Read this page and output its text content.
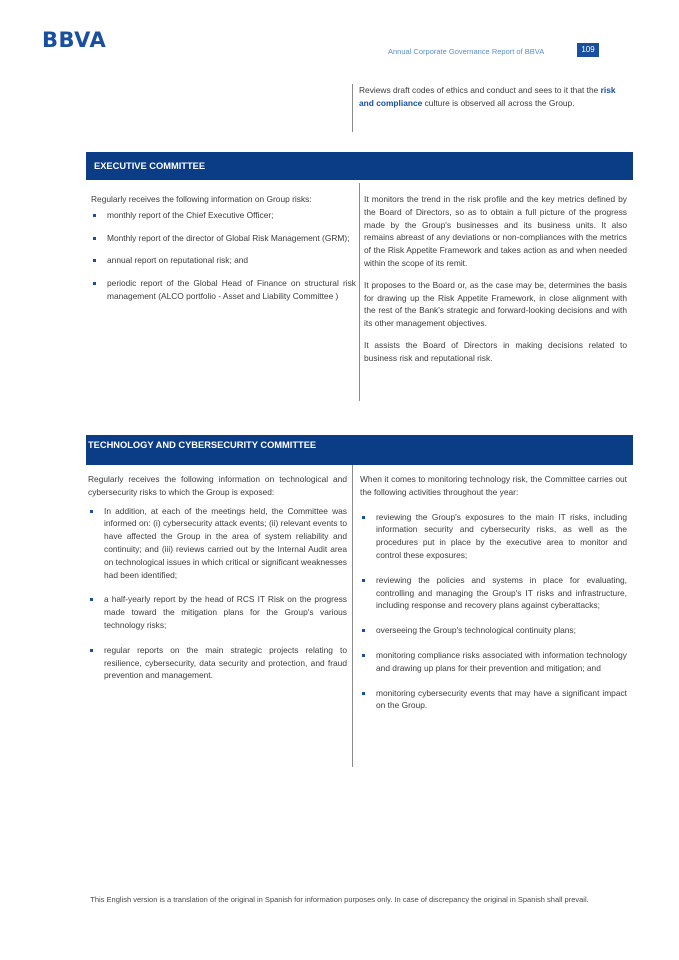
BBVA	Annual Corporate Governance Report of BBVA	109
Reviews draft codes of ethics and conduct and sees to it that the risk and compliance culture is observed all across the Group.
EXECUTIVE COMMITTEE

Regularly receives the following information on Group risks:

monthly report of the Chief Executive Officer;
Monthly report of the director of Global Risk Management (GRM);
annual report on reputational risk; and
periodic report of the Global Head of Finance on structural risk management (ALCO portfolio - Asset and Liability Committee )

It monitors the trend in the risk profile and the key metrics defined by the Board of Directors, so as to obtain a full picture of the progress made by the Group's businesses and its business units. It also remains abreast of any deviations or non-compliances with the metrics of the Risk Appetite Framework and takes action as and when needed within the scope of its remit.

It proposes to the Board or, as the case may be, determines the basis for drawing up the Risk Appetite Framework, in close alignment with the rest of the Bank's strategic and forward-looking decisions and with its other management objectives.

It assists the Board of Directors in making decisions related to business risk and reputational risk.

TECHNOLOGY AND CYBERSECURITY COMMITTEE

Regularly receives the following information on technological and cybersecurity risks to which the Group is exposed:

In addition, at each of the meetings held, the Committee was informed on: (i) cybersecurity attack events; (ii) relevant events to have affected the Group in the area of system reliability and continuity; and (iii) reviews carried out by the Internal Audit area on technological issues in which critical or significant weaknesses had been identified;
a half-yearly report by the head of RCS IT Risk on the progress made toward the mitigation plans for the Group's various technology risks;
regular reports on the main strategic projects relating to resilience, cybersecurity, data security and protection, and fraud prevention and management.

When it comes to monitoring technology risk, the Committee carries out the following activities throughout the year:

reviewing the Group's exposures to the main IT risks, including information security and cybersecurity risks, as well as the procedures put in place by the executive area to monitor and control these exposures;
reviewing the policies and systems in place for evaluating, controlling and managing the Group's IT risks and infrastructure, including response and recovery plans against cyberattacks;
overseeing the Group's technological continuity plans;
monitoring compliance risks associated with information technology and drawing up plans for their prevention and mitigation; and
monitoring cybersecurity events that may have a significant impact on the Group.
This English version is a translation of the original in Spanish for information purposes only. In case of discrepancy the original in Spanish shall prevail.
